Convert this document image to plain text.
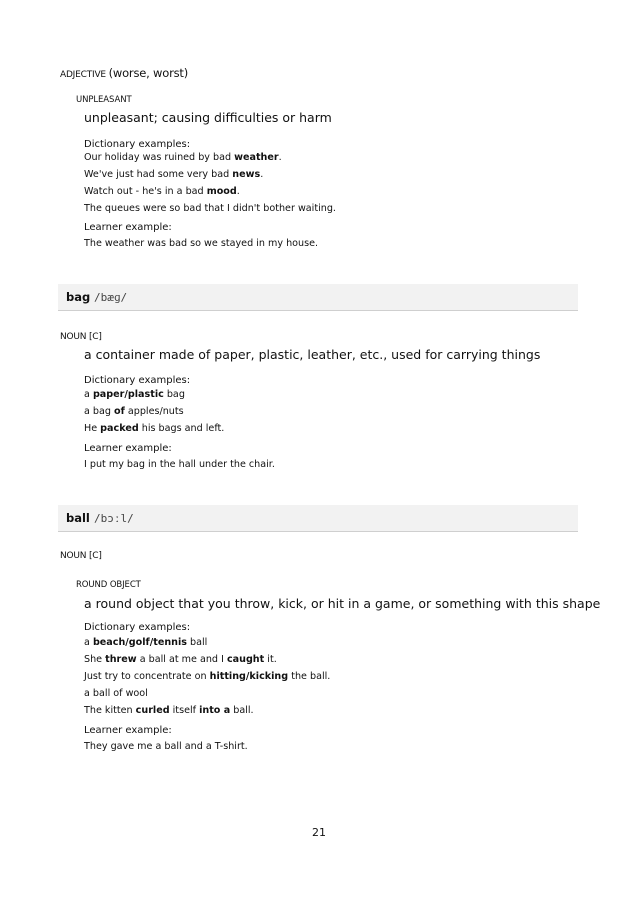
ADJECTIVE (worse, worst)
UNPLEASANT
unpleasant; causing difficulties or harm
Dictionary examples:
Our holiday was ruined by bad weather.
We've just had some very bad news.
Watch out - he's in a bad mood.
The queues were so bad that I didn't bother waiting.
Learner example:
The weather was bad so we stayed in my house.
bag /bæɡ/
NOUN [C]
a container made of paper, plastic, leather, etc., used for carrying things
Dictionary examples:
a paper/plastic bag
a bag of apples/nuts
He packed his bags and left.
Learner example:
I put my bag in the hall under the chair.
ball /bɔːl/
NOUN [C]
ROUND OBJECT
a round object that you throw, kick, or hit in a game, or something with this shape
Dictionary examples:
a beach/golf/tennis ball
She threw a ball at me and I caught it.
Just try to concentrate on hitting/kicking the ball.
a ball of wool
The kitten curled itself into a ball.
Learner example:
They gave me a ball and a T-shirt.
21
